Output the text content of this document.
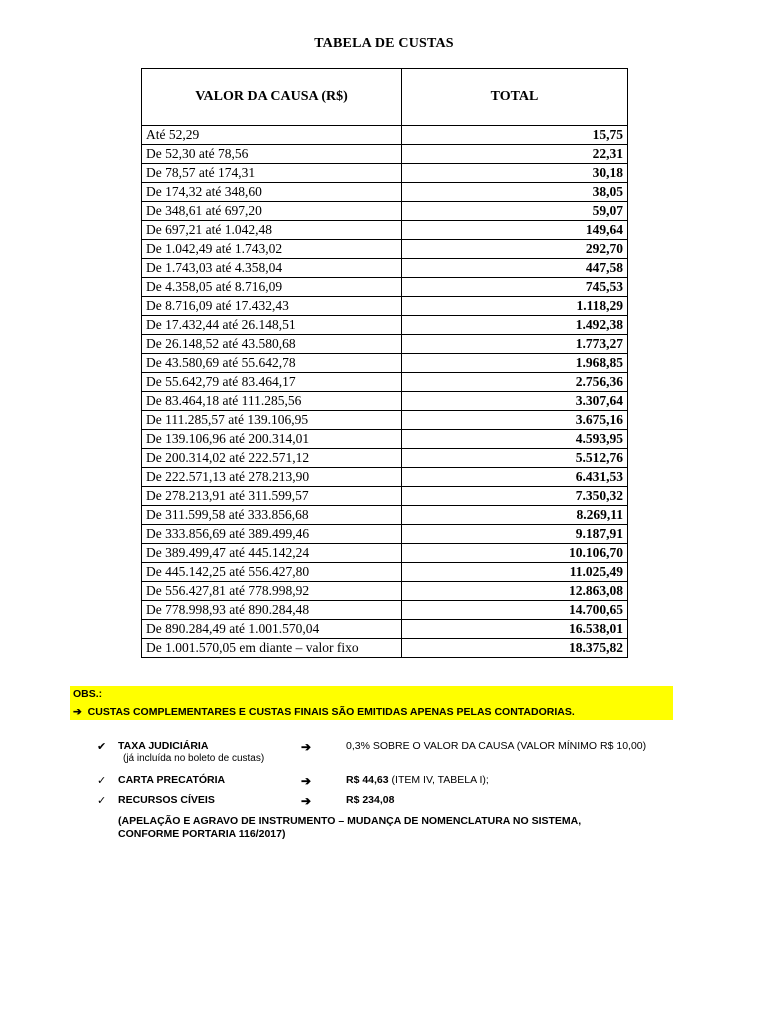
TABELA DE CUSTAS
VALOR DA CAUSA (R$)	TOTAL
Até 52,29	15,75
De 52,30 até 78,56	22,31
De 78,57 até 174,31	30,18
De 174,32 até 348,60	38,05
De 348,61 até 697,20	59,07
De 697,21 até 1.042,48	149,64
De 1.042,49 até 1.743,02	292,70
De 1.743,03 até 4.358,04	447,58
De 4.358,05 até 8.716,09	745,53
De 8.716,09 até 17.432,43	1.118,29
De 17.432,44 até 26.148,51	1.492,38
De 26.148,52 até 43.580,68	1.773,27
De 43.580,69 até 55.642,78	1.968,85
De 55.642,79 até 83.464,17	2.756,36
De 83.464,18 até 111.285,56	3.307,64
De 111.285,57 até 139.106,95	3.675,16
De 139.106,96 até 200.314,01	4.593,95
De 200.314,02 até 222.571,12	5.512,76
De 222.571,13 até 278.213,90	6.431,53
De 278.213,91 até 311.599,57	7.350,32
De 311.599,58 até 333.856,68	8.269,11
De 333.856,69 até 389.499,46	9.187,91
De 389.499,47 até 445.142,24	10.106,70
De 445.142,25 até 556.427,80	11.025,49
De 556.427,81 até 778.998,92	12.863,08
De 778.998,93 até 890.284,48	14.700,65
De 890.284,49 até 1.001.570,04	16.538,01
De 1.001.570,05 em diante – valor fixo	18.375,82
OBS.:
➔ CUSTAS COMPLEMENTARES E CUSTAS FINAIS SÃO EMITIDAS APENAS PELAS CONTADORIAS.
✔ TAXA JUDICIÁRIA
(já incluída no boleto de custas)
➔	0,3% SOBRE O VALOR DA CAUSA (VALOR MÍNIMO R$ 10,00)
✓ CARTA PRECATÓRIA	➔	R$ 44,63 (ITEM IV, TABELA I);
✓ RECURSOS CÍVEIS	➔	R$ 234,08
(APELAÇÃO E AGRAVO DE INSTRUMENTO – MUDANÇA DE NOMENCLATURA NO SISTEMA,
CONFORME PORTARIA 116/2017)
